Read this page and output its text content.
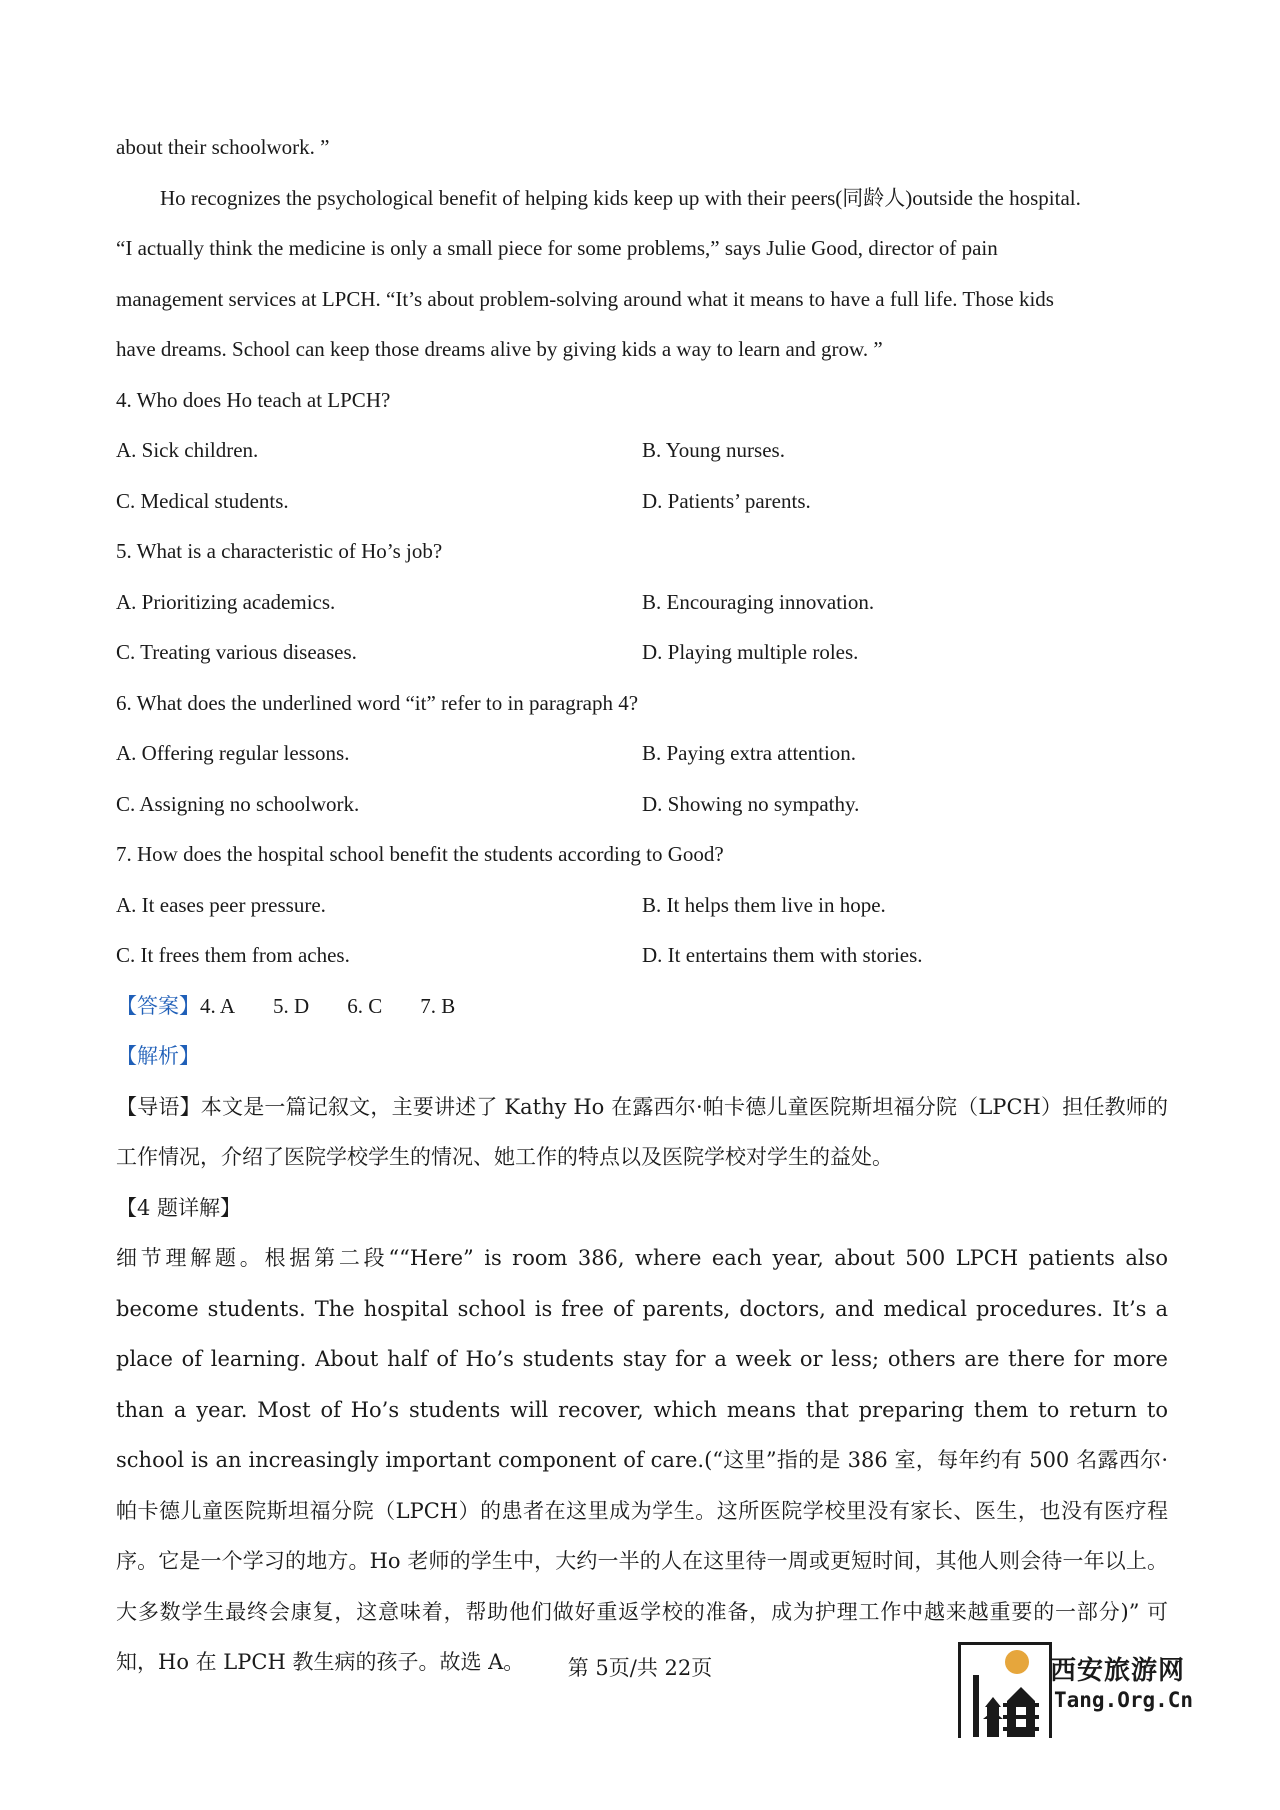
about their schoolwork. ”
Ho recognizes the psychological benefit of helping kids keep up with their peers(同龄人)outside the hospital.
“I actually think the medicine is only a small piece for some problems,” says Julie Good, director of pain
management services at LPCH. “It’s about problem-solving around what it means to have a full life. Those kids
have dreams. School can keep those dreams alive by giving kids a way to learn and grow. ”
4. Who does Ho teach at LPCH?
A. Sick children.	B. Young nurses.
C. Medical students.	D. Patients’ parents.
5. What is a characteristic of Ho’s job?
A. Prioritizing academics.	B. Encouraging innovation.
C. Treating various diseases.	D. Playing multiple roles.
6. What does the underlined word “it” refer to in paragraph 4?
A. Offering regular lessons.	B. Paying extra attention.
C. Assigning no schoolwork.	D. Showing no sympathy.
7. How does the hospital school benefit the students according to Good?
A. It eases peer pressure.	B. It helps them live in hope.
C. It frees them from aches.	D. It entertains them with stories.
【答案】4. A 5. D 6. C 7. B
【解析】
【导语】本文是一篇记叙文，主要讲述了 Kathy Ho 在露西尔·帕卡德儿童医院斯坦福分院（LPCH）担任教师的工作情况，介绍了医院学校学生的情况、她工作的特点以及医院学校对学生的益处。
【4 题详解】
细节理解题。根据第二段““Here” is room 386, where each year, about 500 LPCH patients also become students. The hospital school is free of parents, doctors, and medical procedures. It’s a place of learning. About half of Ho’s students stay for a week or less; others are there for more than a year. Most of Ho’s students will recover, which means that preparing them to return to school is an increasingly important component of care.(“这里”指的是 386 室，每年约有 500 名露西尔·帕卡德儿童医院斯坦福分院（LPCH）的患者在这里成为学生。这所医院学校里没有家长、医生，也没有医疗程序。它是一个学习的地方。Ho 老师的学生中，大约一半的人在这里待一周或更短时间，其他人则会待一年以上。大多数学生最终会康复，这意味着，帮助他们做好重返学校的准备，成为护理工作中越来越重要的一部分)” 可知，Ho 在 LPCH 教生病的孩子。故选 A。	第 5页/共 22页	西安旅游网
Tang.Org.Cn
